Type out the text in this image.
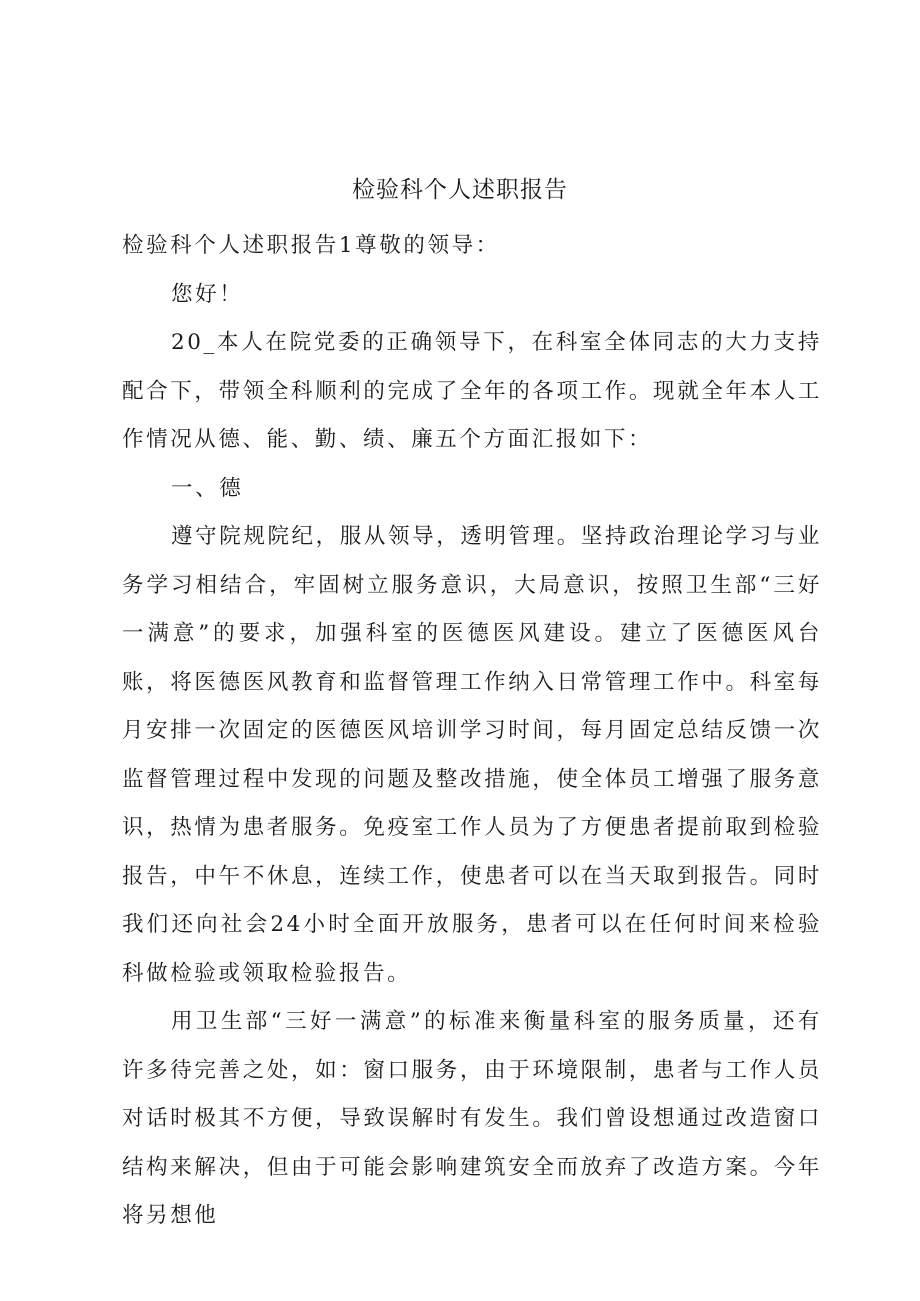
检验科个人述职报告

检验科个人述职报告1尊敬的领导：

您好！

20_本人在院党委的正确领导下，在科室全体同志的大力支持配合下，带领全科顺利的完成了全年的各项工作。现就全年本人工作情况从德、能、勤、绩、廉五个方面汇报如下：

一、德

遵守院规院纪，服从领导，透明管理。坚持政治理论学习与业务学习相结合，牢固树立服务意识，大局意识，按照卫生部“三好一满意”的要求，加强科室的医德医风建设。建立了医德医风台账，将医德医风教育和监督管理工作纳入日常管理工作中。科室每月安排一次固定的医德医风培训学习时间，每月固定总结反馈一次监督管理过程中发现的问题及整改措施，使全体员工增强了服务意识，热情为患者服务。免疫室工作人员为了方便患者提前取到检验报告，中午不休息，连续工作，使患者可以在当天取到报告。同时我们还向社会24小时全面开放服务，患者可以在任何时间来检验科做检验或领取检验报告。

用卫生部“三好一满意”的标准来衡量科室的服务质量，还有许多待完善之处，如：窗口服务，由于环境限制，患者与工作人员对话时极其不方便，导致误解时有发生。我们曾设想通过改造窗口结构来解决，但由于可能会影响建筑安全而放弃了改造方案。今年将另想他
